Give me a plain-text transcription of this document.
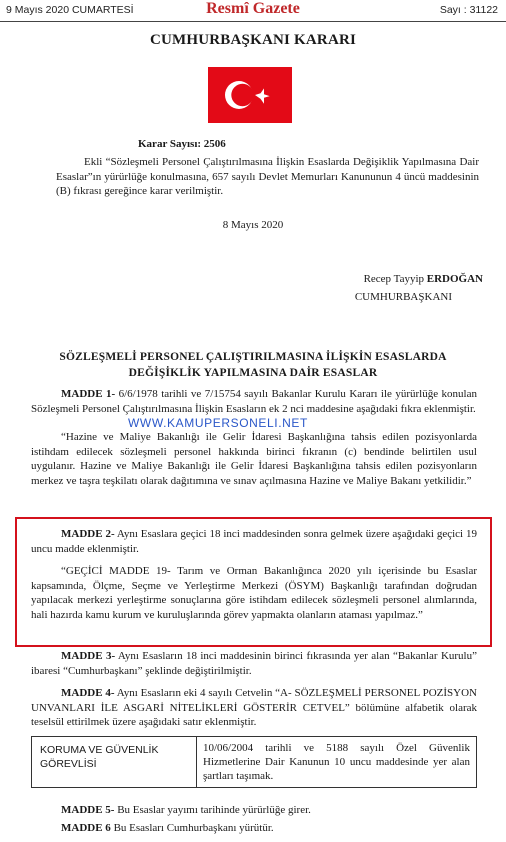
9 Mayıs 2020 CUMARTESİ	Resmî Gazete	Sayı : 31122
CUMHURBAŞKANI KARARI
Karar Sayısı: 2506
Ekli “Sözleşmeli Personel Çalıştırılmasına İlişkin Esaslarda Değişiklik Yapılmasına Dair Esaslar”ın yürürlüğe konulmasına, 657 sayılı Devlet Memurları Kanununun 4 üncü maddesinin (B) fıkrası gereğince karar verilmiştir.
8 Mayıs 2020
Recep Tayyip ERDOĞAN
CUMHURBAŞKANI
SÖZLEŞMELİ PERSONEL ÇALIŞTIRILMASINA İLİŞKİN ESASLARDA
DEĞİŞİKLİK YAPILMASINA DAİR ESASLAR
MADDE 1- 6/6/1978 tarihli ve 7/15754 sayılı Bakanlar Kurulu Kararı ile yürürlüğe konulan Sözleşmeli Personel Çalıştırılmasına İlişkin Esasların ek 2 nci maddesine aşağıdaki fıkra eklenmiştir.
“Hazine ve Maliye Bakanlığı ile Gelir İdaresi Başkanlığına tahsis edilen pozisyonlarda istihdam edilecek sözleşmeli personel hakkında birinci fıkranın (c) bendinde belirtilen usul uygulanır. Hazine ve Maliye Bakanlığı ile Gelir İdaresi Başkanlığına tahsis edilen pozisyonların merkez ve taşra teşkilatı olarak dağıtımına ve sınav açılmasına Hazine ve Maliye Bakanı yetkilidir.”
WWW.KAMUPERSONELI.NET
MADDE 2- Aynı Esaslara geçici 18 inci maddesinden sonra gelmek üzere aşağıdaki geçici 19 uncu madde eklenmiştir.
“GEÇİCİ MADDE 19- Tarım ve Orman Bakanlığınca 2020 yılı içerisinde bu Esaslar kapsamında, Ölçme, Seçme ve Yerleştirme Merkezi (ÖSYM) Başkanlığı tarafından doğrudan yapılacak merkezi yerleştirme sonuçlarına göre istihdam edilecek sözleşmeli personel alımlarında, hali hazırda kamu kurum ve kuruluşlarında görev yapmakta olanların ataması yapılmaz.”
MADDE 3- Aynı Esasların 18 inci maddesinin birinci fıkrasında yer alan “Bakanlar Kurulu” ibaresi “Cumhurbaşkanı” şeklinde değiştirilmiştir.
MADDE 4- Aynı Esasların eki 4 sayılı Cetvelin “A- SÖZLEŞMELİ PERSONEL POZİSYON UNVANLARI İLE ASGARİ NİTELİKLERİ GÖSTERİR CETVEL” bölümüne alfabetik olarak teselsül ettirilmek üzere aşağıdaki satır eklenmiştir.
KORUMA VE GÜVENLİK GÖREVLİSİ
10/06/2004 tarihli ve 5188 sayılı Özel Güvenlik Hizmetlerine Dair Kanunun 10 uncu maddesinde yer alan şartları taşımak.
MADDE 5- Bu Esaslar yayımı tarihinde yürürlüğe girer.
MADDE 6 Bu Esasları Cumhurbaşkanı yürütür.
